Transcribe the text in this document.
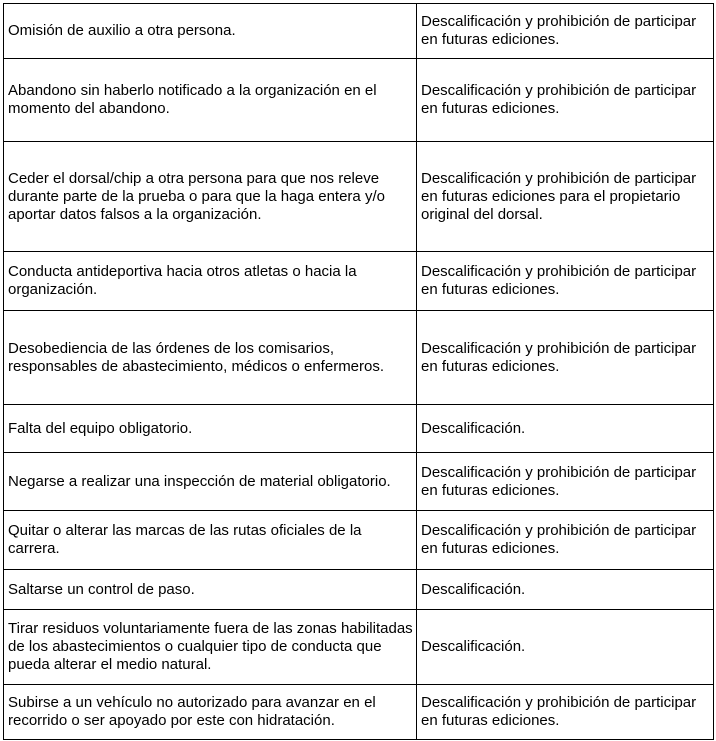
Omisión de auxilio a otra persona.	Descalificación y prohibición de participar en futuras ediciones.
Abandono sin haberlo notificado a la organización en el momento del abandono.	Descalificación y prohibición de participar en futuras ediciones.
Ceder el dorsal/chip a otra persona para que nos releve durante parte de la prueba o para que la haga entera y/o aportar datos falsos a la organización.	Descalificación y prohibición de participar en futuras ediciones para el propietario original del dorsal.
Conducta antideportiva hacia otros atletas o hacia la organización.	Descalificación y prohibición de participar en futuras ediciones.
Desobediencia de las órdenes de los comisarios, responsables de abastecimiento, médicos o enfermeros.	Descalificación y prohibición de participar en futuras ediciones.
Falta del equipo obligatorio.	Descalificación.
Negarse a realizar una inspección de material obligatorio.	Descalificación y prohibición de participar en futuras ediciones.
Quitar o alterar las marcas de las rutas oficiales de la carrera.	Descalificación y prohibición de participar en futuras ediciones.
Saltarse un control de paso.	Descalificación.
Tirar residuos voluntariamente fuera de las zonas habilitadas de los abastecimientos o cualquier tipo de conducta que pueda alterar el medio natural.	Descalificación.
Subirse a un vehículo no autorizado para avanzar en el recorrido o ser apoyado por este con hidratación.	Descalificación y prohibición de participar en futuras ediciones.
